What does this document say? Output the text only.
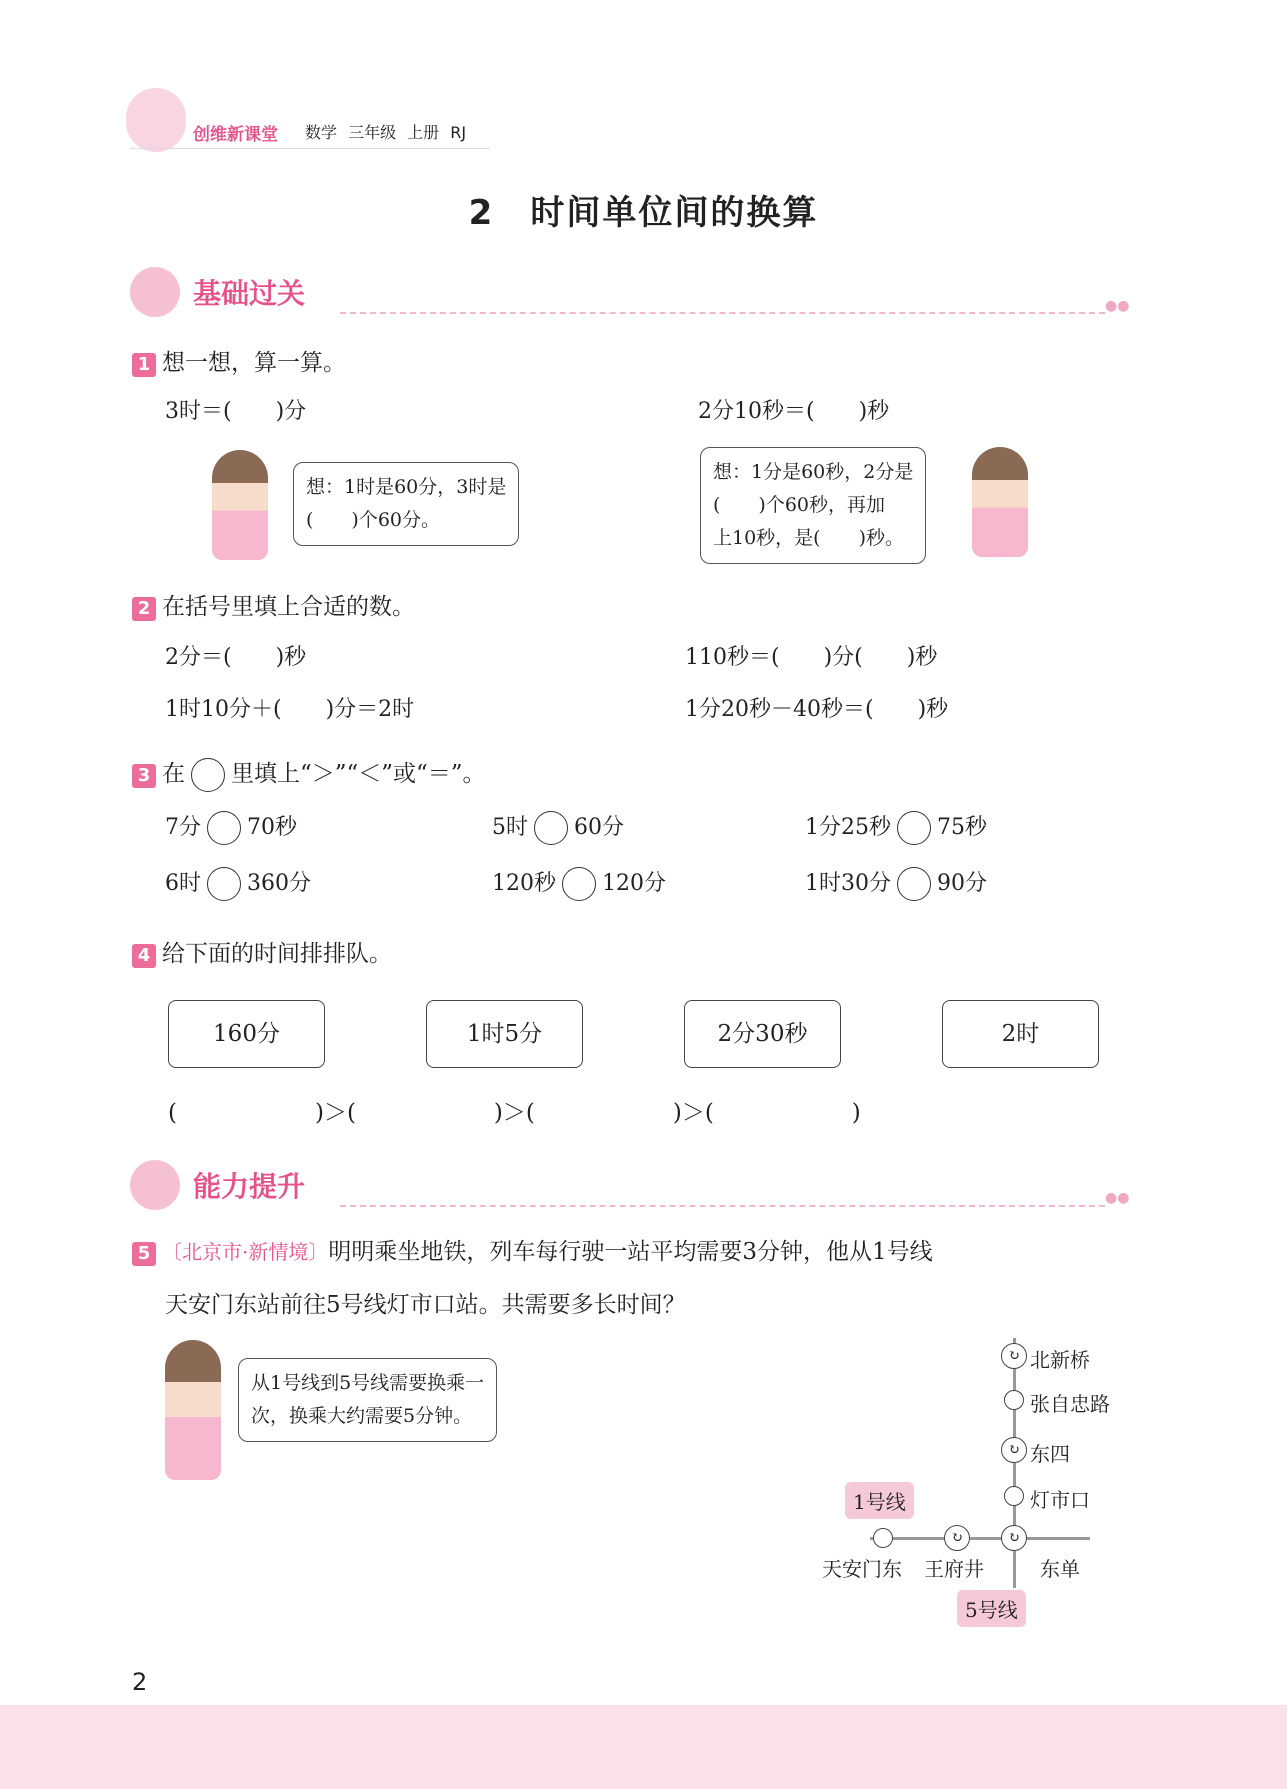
创维新课堂 数学 三年级 上册 RJ
2　时间单位间的换算
基础过关	●●
1 想一想，算一算。
3时＝(　　)分	2分10秒＝(　　)秒
想：1时是60分，3时是
(　　)个60分。
想：1分是60秒，2分是
(　　)个60秒，再加
上10秒，是(　　)秒。
2 在括号里填上合适的数。
2分＝(　　)秒	110秒＝(　　)分(　　)秒
1时10分＋(　　)分＝2时	1分20秒－40秒＝(　　)秒
3 在 里填上“＞”“＜”或“＝”。
7分 70秒	5时 60分	1分25秒 75秒
6时 360分	120秒 120分	1时30分 90分
4 给下面的时间排排队。
160分	1时5分	2分30秒	2时
(　　　　　　)＞(　　　　　　)＞(　　　　　　)＞(　　　　　　)
能力提升	●●
5 〔北京市·新情境〕明明乘坐地铁，列车每行驶一站平均需要3分钟，他从1号线
天安门东站前往5号线灯市口站。共需要多长时间？
从1号线到5号线需要换乘一
次，换乘大约需要5分钟。
↻ 北新桥
张自忠路
↻ 东四
灯市口
↻	↻
天安门东 王府井	东单
1号线
5号线
2
